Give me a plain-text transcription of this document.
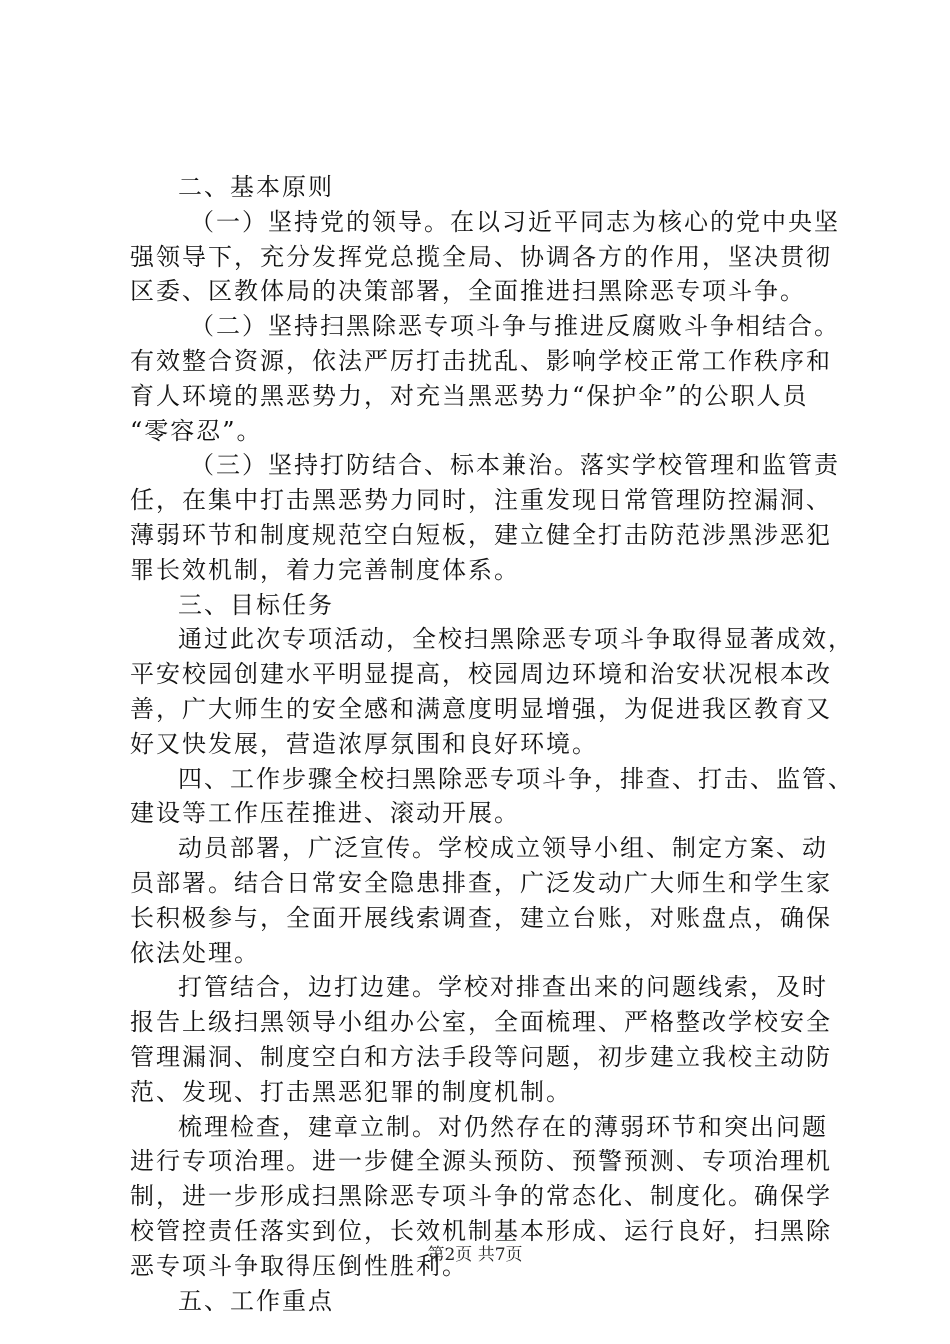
二、基本原则
（一）坚持党的领导。在以习近平同志为核心的党中央坚
强领导下，充分发挥党总揽全局、协调各方的作用，坚决贯彻
区委、区教体局的决策部署，全面推进扫黑除恶专项斗争。
（二）坚持扫黑除恶专项斗争与推进反腐败斗争相结合。
有效整合资源，依法严厉打击扰乱、影响学校正常工作秩序和
育人环境的黑恶势力，对充当黑恶势力“保护伞”的公职人员
“零容忍”。
（三）坚持打防结合、标本兼治。落实学校管理和监管责
任，在集中打击黑恶势力同时，注重发现日常管理防控漏洞、
薄弱环节和制度规范空白短板，建立健全打击防范涉黑涉恶犯
罪长效机制，着力完善制度体系。
三、目标任务
通过此次专项活动，全校扫黑除恶专项斗争取得显著成效，
平安校园创建水平明显提高，校园周边环境和治安状况根本改
善，广大师生的安全感和满意度明显增强，为促进我区教育又
好又快发展，营造浓厚氛围和良好环境。
四、工作步骤全校扫黑除恶专项斗争，排查、打击、监管、
建设等工作压茬推进、滚动开展。
动员部署，广泛宣传。学校成立领导小组、制定方案、动
员部署。结合日常安全隐患排查，广泛发动广大师生和学生家
长积极参与，全面开展线索调查，建立台账，对账盘点，确保
依法处理。
打管结合，边打边建。学校对排查出来的问题线索，及时
报告上级扫黑领导小组办公室，全面梳理、严格整改学校安全
管理漏洞、制度空白和方法手段等问题，初步建立我校主动防
范、发现、打击黑恶犯罪的制度机制。
梳理检查，建章立制。对仍然存在的薄弱环节和突出问题
进行专项治理。进一步健全源头预防、预警预测、专项治理机
制，进一步形成扫黑除恶专项斗争的常态化、制度化。确保学
校管控责任落实到位，长效机制基本形成、运行良好，扫黑除
恶专项斗争取得压倒性胜利。
五、工作重点
第2页 共7页
